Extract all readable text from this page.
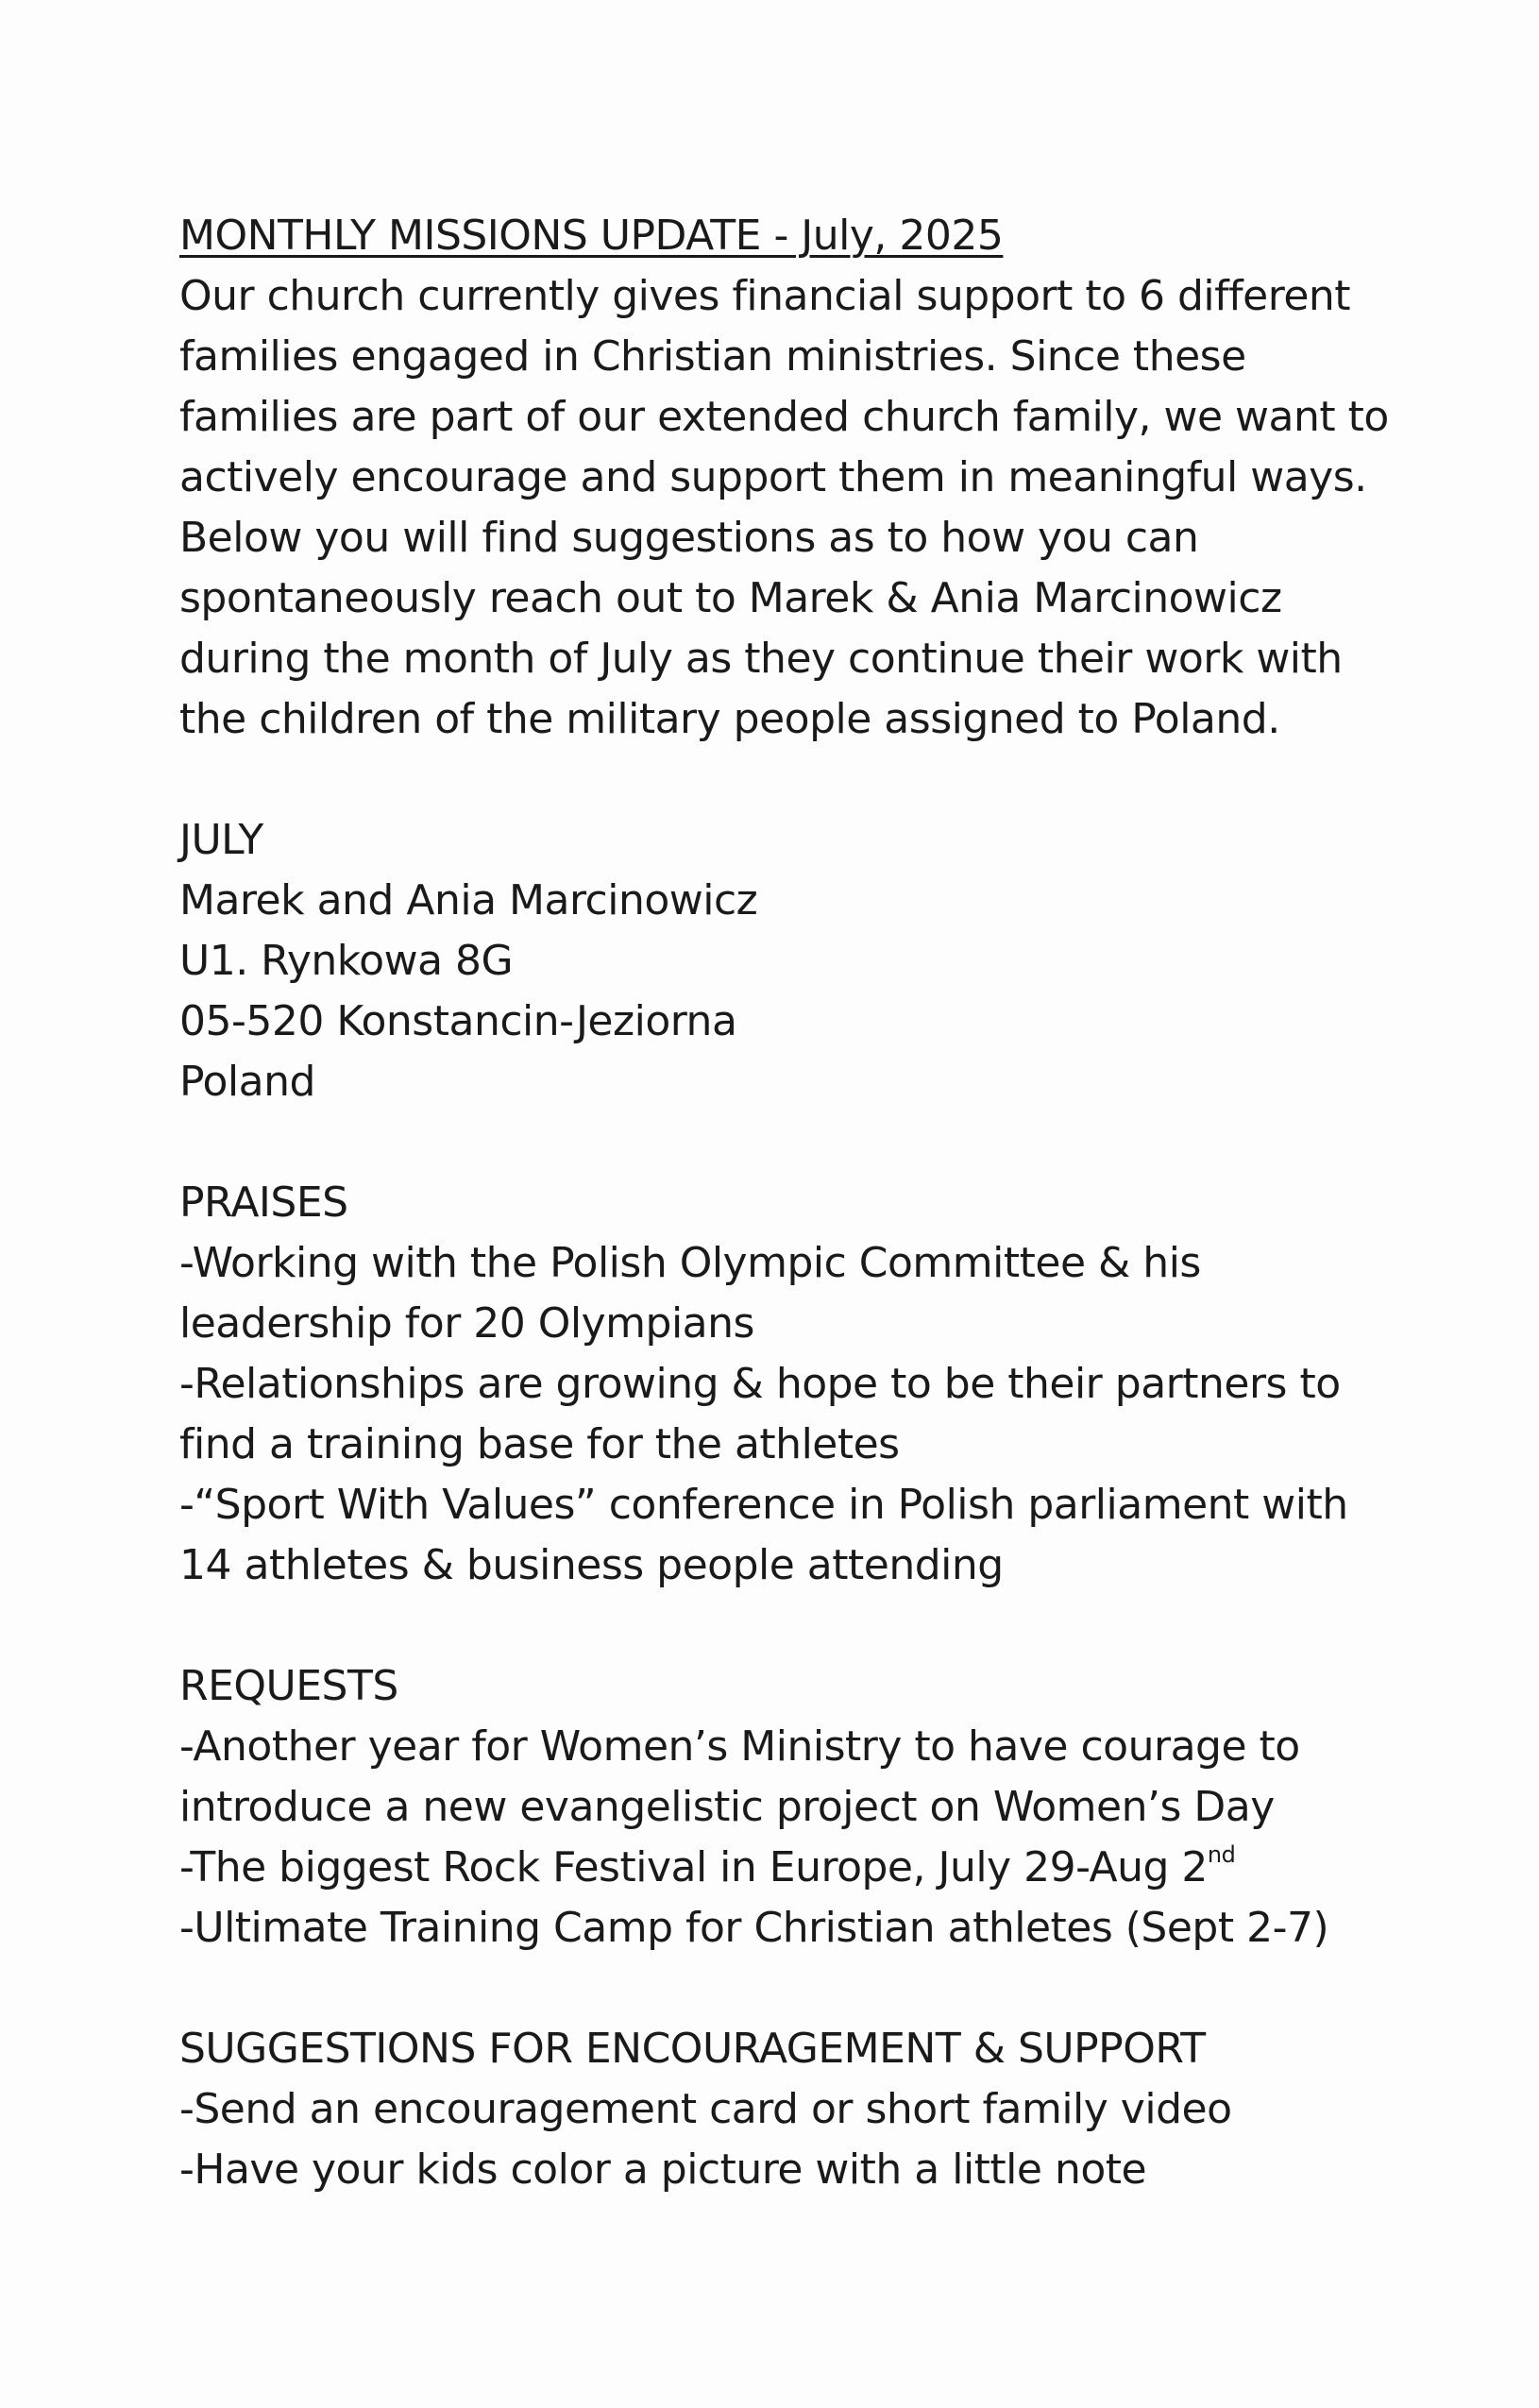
MONTHLY MISSIONS UPDATE - July, 2025
Our church currently gives financial support to 6 different
families engaged in Christian ministries. Since these
families are part of our extended church family, we want to
actively encourage and support them in meaningful ways.
Below you will find suggestions as to how you can
spontaneously reach out to Marek & Ania Marcinowicz
during the month of July as they continue their work with
the children of the military people assigned to Poland.
JULY
Marek and Ania Marcinowicz
U1. Rynkowa 8G
05-520 Konstancin-Jeziorna
Poland
PRAISES
-Working with the Polish Olympic Committee & his
leadership for 20 Olympians
-Relationships are growing & hope to be their partners to
find a training base for the athletes
-“Sport With Values” conference in Polish parliament with
14 athletes & business people attending
REQUESTS
-Another year for Women’s Ministry to have courage to
introduce a new evangelistic project on Women’s Day
-The biggest Rock Festival in Europe, July 29-Aug 2nd
-Ultimate Training Camp for Christian athletes (Sept 2-7)
SUGGESTIONS FOR ENCOURAGEMENT & SUPPORT
-Send an encouragement card or short family video
-Have your kids color a picture with a little note
